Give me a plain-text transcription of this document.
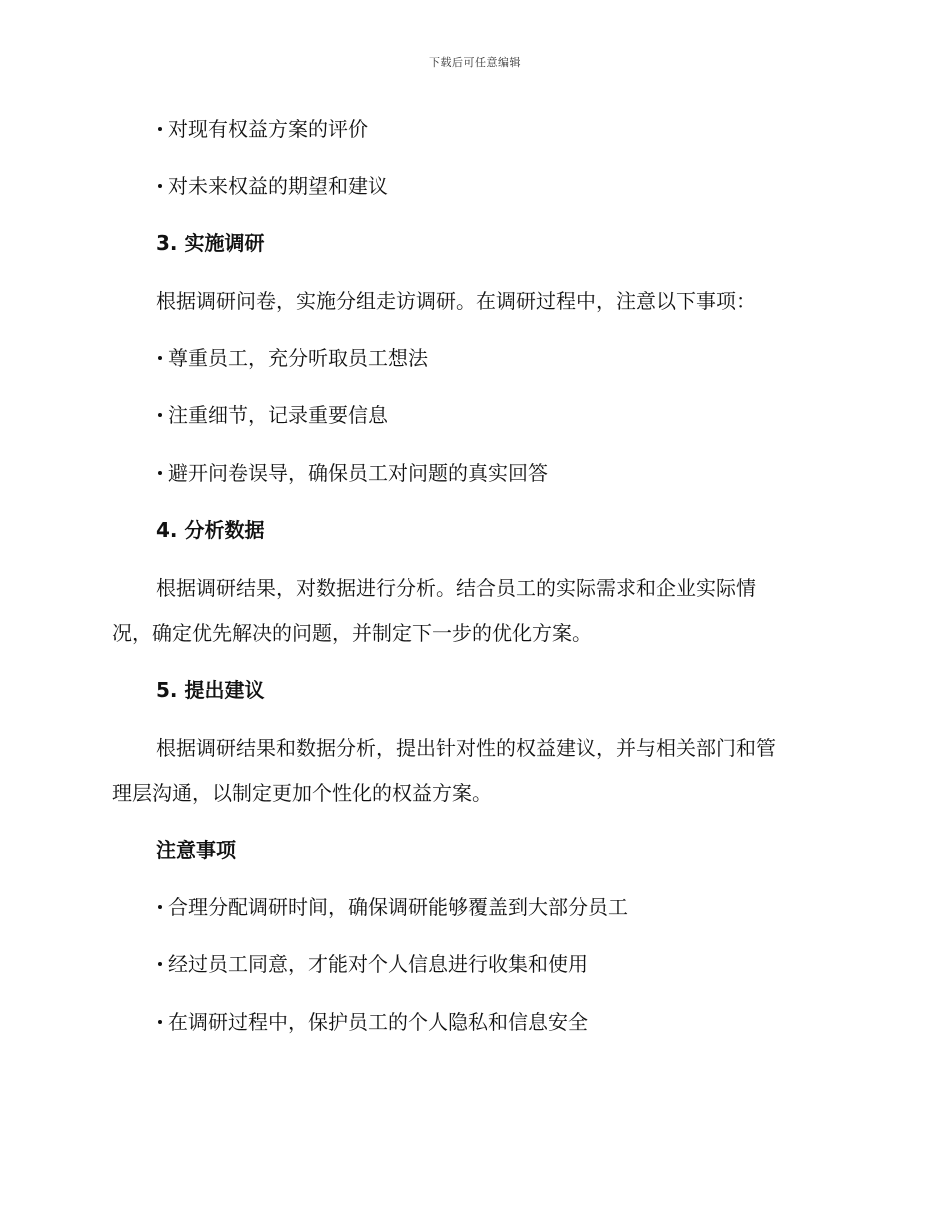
下载后可任意编辑
对现有权益方案的评价
对未来权益的期望和建议
3. 实施调研
根据调研问卷，实施分组走访调研。在调研过程中，注意以下事项：
尊重员工，充分听取员工想法
注重细节，记录重要信息
避开问卷误导，确保员工对问题的真实回答
4. 分析数据
根据调研结果，对数据进行分析。结合员工的实际需求和企业实际情
况，确定优先解决的问题，并制定下一步的优化方案。
5. 提出建议
根据调研结果和数据分析，提出针对性的权益建议，并与相关部门和管
理层沟通，以制定更加个性化的权益方案。
注意事项
合理分配调研时间，确保调研能够覆盖到大部分员工
经过员工同意，才能对个人信息进行收集和使用
在调研过程中，保护员工的个人隐私和信息安全
